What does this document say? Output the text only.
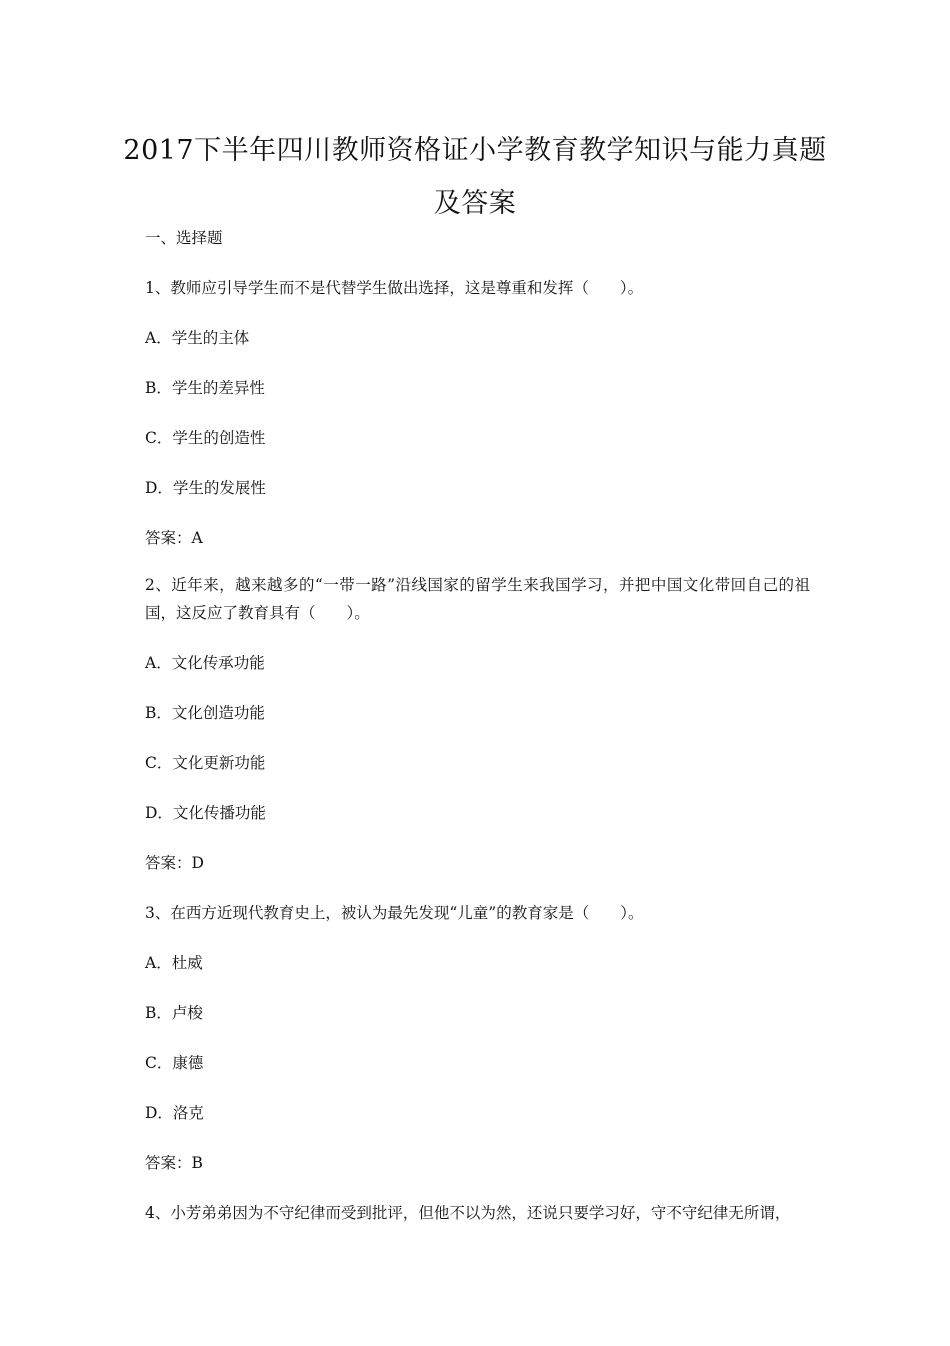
2017下半年四川教师资格证小学教育教学知识与能力真题
及答案

一、选择题

1、教师应引导学生而不是代替学生做出选择，这是尊重和发挥（　　）。

A．学生的主体

B．学生的差异性

C．学生的创造性

D．学生的发展性

答案：A

2、近年来，越来越多的“一带一路”沿线国家的留学生来我国学习，并把中国文化带回自己的祖国，这反应了教育具有（　　）。

A．文化传承功能

B．文化创造功能

C．文化更新功能

D．文化传播功能

答案：D

3、在西方近现代教育史上，被认为最先发现“儿童”的教育家是（　　）。

A．杜威

B．卢梭

C．康德

D．洛克

答案：B

4、小芳弟弟因为不守纪律而受到批评，但他不以为然，还说只要学习好，守不守纪律无所谓，
